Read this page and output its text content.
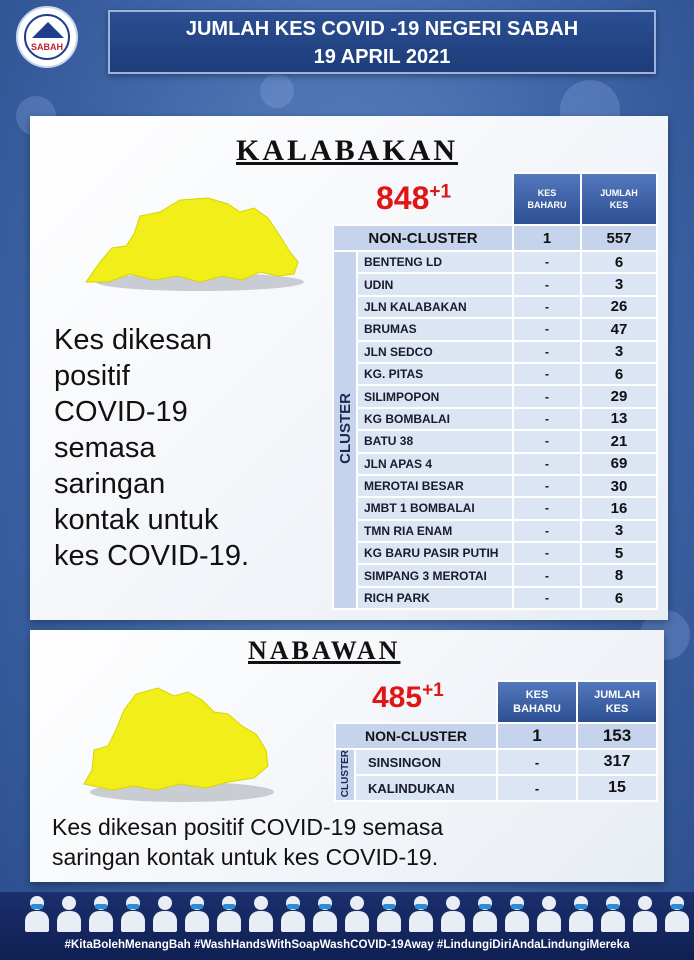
SABAH
JUMLAH KES COVID -19 NEGERI SABAH
19 APRIL 2021
KALABAKAN
$848^{+1}$
Kes dikesan
positif
COVID-19
semasa
saringan
kontak untuk
kes COVID-19.
		KES
BAHARU	JUMLAH
KES
NON-CLUSTER		1	557
CLUSTER	BENTENG LD	-	6
	UDIN	-	3
	JLN KALABAKAN	-	26
	BRUMAS	-	47
	JLN SEDCO	-	3
	KG. PITAS	-	6
	SILIMPOPON	-	29
	KG BOMBALAI	-	13
	BATU 38	-	21
	JLN APAS 4	-	69
	MEROTAI BESAR	-	30
	JMBT 1 BOMBALAI	-	16
	TMN RIA ENAM	-	3
	KG BARU PASIR PUTIH	-	5
	SIMPANG 3 MEROTAI	-	8
	RICH PARK	-	6
NABAWAN
$485^{+1}$
		KES
BAHARU	JUMLAH
KES
NON-CLUSTER		1	153
CLUSTER	SINSINGON	-	317
	KALINDUKAN	-	15
Kes dikesan positif COVID-19 semasa
saringan kontak untuk kes COVID-19.
#KitaBolehMenangBah #WashHandsWithSoapWashCOVID-19Away #LindungiDiriAndaLindungiMereka
